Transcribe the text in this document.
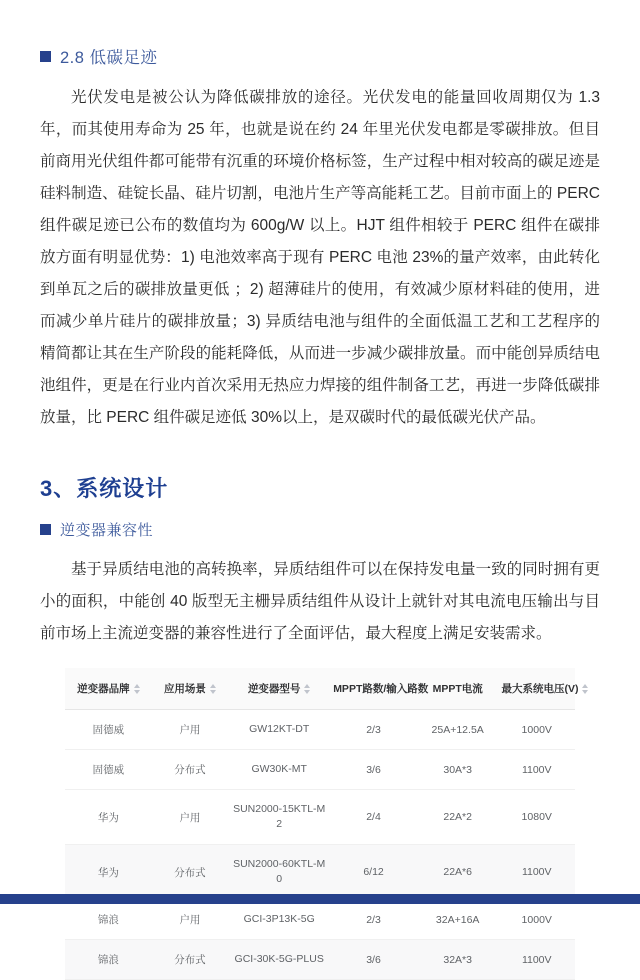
2.8 低碳足迹

光伏发电是被公认为降低碳排放的途径。光伏发电的能量回收周期仅为 1.3 年，而其使用寿命为 25 年，也就是说在约 24 年里光伏发电都是零碳排放。但目前商用光伏组件都可能带有沉重的环境价格标签，生产过程中相对较高的碳足迹是硅料制造、硅锭长晶、硅片切割，电池片生产等高能耗工艺。目前市面上的 PERC 组件碳足迹已公布的数值均为 600g/W 以上。HJT 组件相较于 PERC 组件在碳排放方面有明显优势：1) 电池效率高于现有 PERC 电池 23%的量产效率，由此转化到单瓦之后的碳排放量更低 ；2) 超薄硅片的使用，有效减少原材料硅的使用，进而减少单片硅片的碳排放量；3) 异质结电池与组件的全面低温工艺和工艺程序的精简都让其在生产阶段的能耗降低，从而进一步减少碳排放量。而中能创异质结电池组件，更是在行业内首次采用无热应力焊接的组件制备工艺，再进一步降低碳排放量，比 PERC 组件碳足迹低 30%以上，是双碳时代的最低碳光伏产品。

3、系统设计
逆变器兼容性

基于异质结电池的高转换率，异质结组件可以在保持发电量一致的同时拥有更小的面积，中能创 40 版型无主栅异质结组件从设计上就针对其电流电压输出与目前市场上主流逆变器的兼容性进行了全面评估，最大程度上满足安装需求。

逆变器品牌	应用场景	逆变器型号	MPPT路数/输入路数	MPPT电流	最大系统电压(V)

固德威	户用	GW12KT-DT	2/3	25A+12.5A	1000V
固德威	分布式	GW30K-MT	3/6	30A*3	1100V
华为	户用	SUN2000-15KTL-M2	2/4	22A*2	1080V
华为	分布式	SUN2000-60KTL-M0	6/12	22A*6	1100V
锦浪	户用	GCI-3P13K-5G	2/3	32A+16A	1000V
锦浪	分布式	GCI-30K-5G-PLUS	3/6	32A*3	1100V
